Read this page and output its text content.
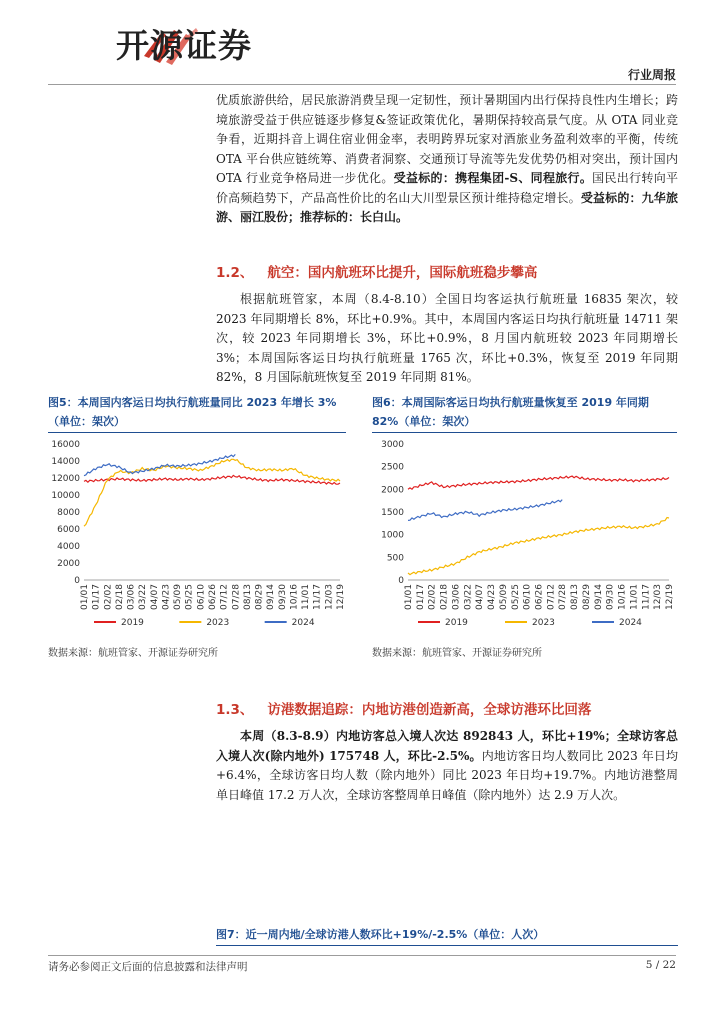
开源证券
行业周报
优质旅游供给，居民旅游消费呈现一定韧性，预计暑期国内出行保持良性内生增长；跨境旅游受益于供应链逐步修复&签证政策优化，暑期保持较高景气度。从 OTA 同业竞争看，近期抖音上调住宿业佣金率，表明跨界玩家对酒旅业务盈利效率的平衡，传统 OTA 平台供应链统筹、消费者洞察、交通预订导流等先发优势仍相对突出，预计国内 OTA 行业竞争格局进一步优化。受益标的：携程集团-S、同程旅行。国民出行转向平价高频趋势下，产品高性价比的名山大川型景区预计维持稳定增长。受益标的：九华旅游、丽江股份；推荐标的：长白山。
1.2、 航空：国内航班环比提升，国际航班稳步攀高
根据航班管家，本周（8.4-8.10）全国日均客运执行航班量 16835 架次，较 2023 年同期增长 8%，环比+0.9%。其中，本周国内客运日均执行航班量 14711 架次，较 2023 年同期增长 3%，环比+0.9%，8 月国内航班较 2023 年同期增长 3%；本周国际客运日均执行航班量 1765 次，环比+0.3%，恢复至 2019 年同期 82%，8 月国际航班恢复至 2019 年同期 81%。
图5：本周国内客运日均执行航班量同比 2023 年增长 3%（单位：架次）
0
2000
4000
6000
8000
10000
12000
14000
16000
01/01 01/17 02/02 02/18 03/06 03/22 04/07 04/23 05/09 05/25 06/10 06/26 07/12 07/28 08/13 08/29 09/14 09/30 10/16 11/01 11/17 12/03 12/19
2019	2023	2024
数据来源：航班管家、开源证券研究所
图6：本周国际客运日均执行航班量恢复至 2019 年同期 82%（单位：架次）
0
500
1000
1500
2000
2500
3000
01/01 01/17 02/02 02/18 03/06 03/22 04/07 04/23 05/09 05/25 06/10 06/26 07/12 07/28 08/13 08/29 09/14 09/30 10/16 11/01 11/17 12/03 12/19
2019	2023	2024
数据来源：航班管家、开源证券研究所
1.3、 访港数据追踪：内地访港创造新高，全球访港环比回落
本周（8.3-8.9）内地访客总入境人次达 892843 人，环比+19%；全球访客总入境人次(除内地外) 175748 人，环比-2.5%。内地访客日均人数同比 2023 年日均+6.4%，全球访客日均人数（除内地外）同比 2023 年日均+19.7%。内地访港整周单日峰值 17.2 万人次，全球访客整周单日峰值（除内地外）达 2.9 万人次。
图7：近一周内地/全球访港人数环比+19%/-2.5%（单位：人次）
请务必参阅正文后面的信息披露和法律声明	5 / 22
